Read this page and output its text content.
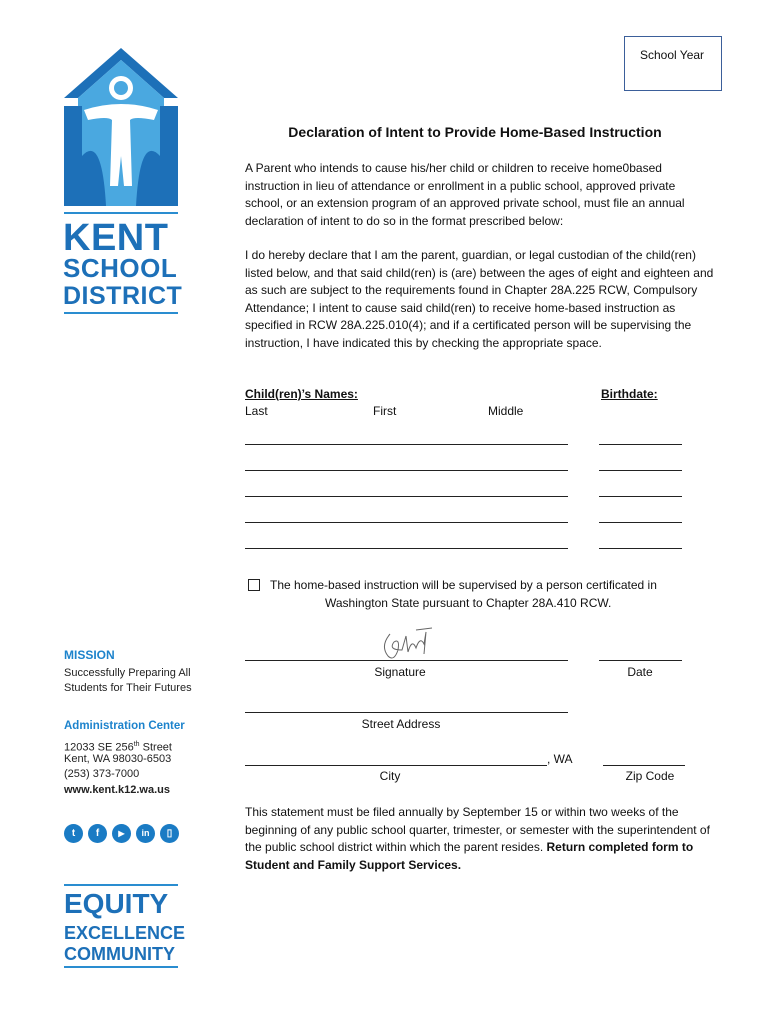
KENT
SCHOOL
DISTRICT
MISSION
Successfully Preparing All
Students for Their Futures
Administration Center
12033 SE 256th Street
Kent, WA 98030-6503
(253) 373-7000
www.kent.k12.wa.us
t	f	▶	in	▯
EQUITY
EXCELLENCE
COMMUNITY
School Year
Declaration of Intent to Provide Home-Based Instruction
A Parent who intends to cause his/her child or children to receive home0based instruction in lieu of attendance or enrollment in a public school, approved private school, or an extension program of an approved private school, must file an annual declaration of intent to do so in the format prescribed below:
I do hereby declare that I am the parent, guardian, or legal custodian of the child(ren) listed below, and that said child(ren) is (are) between the ages of eight and eighteen and as such are subject to the requirements found in Chapter 28A.225 RCW, Compulsory Attendance; I intent to cause said child(ren) to receive home-based instruction as specified in RCW 28A.225.010(4); and if a certificated person will be supervising the instruction, I have indicated this by checking the appropriate space.
Child(ren)’s Names:	Birthdate:
Last	First	Middle
The home-based instruction will be supervised by a person certificated in
Washington State pursuant to Chapter 28A.410 RCW.
Signature	Date
Street Address
, WA
City	Zip Code
This statement must be filed annually by September 15 or within two weeks of the beginning of any public school quarter, trimester, or semester with the superintendent of the public school district within which the parent resides. Return completed form to Student and Family Support Services.
